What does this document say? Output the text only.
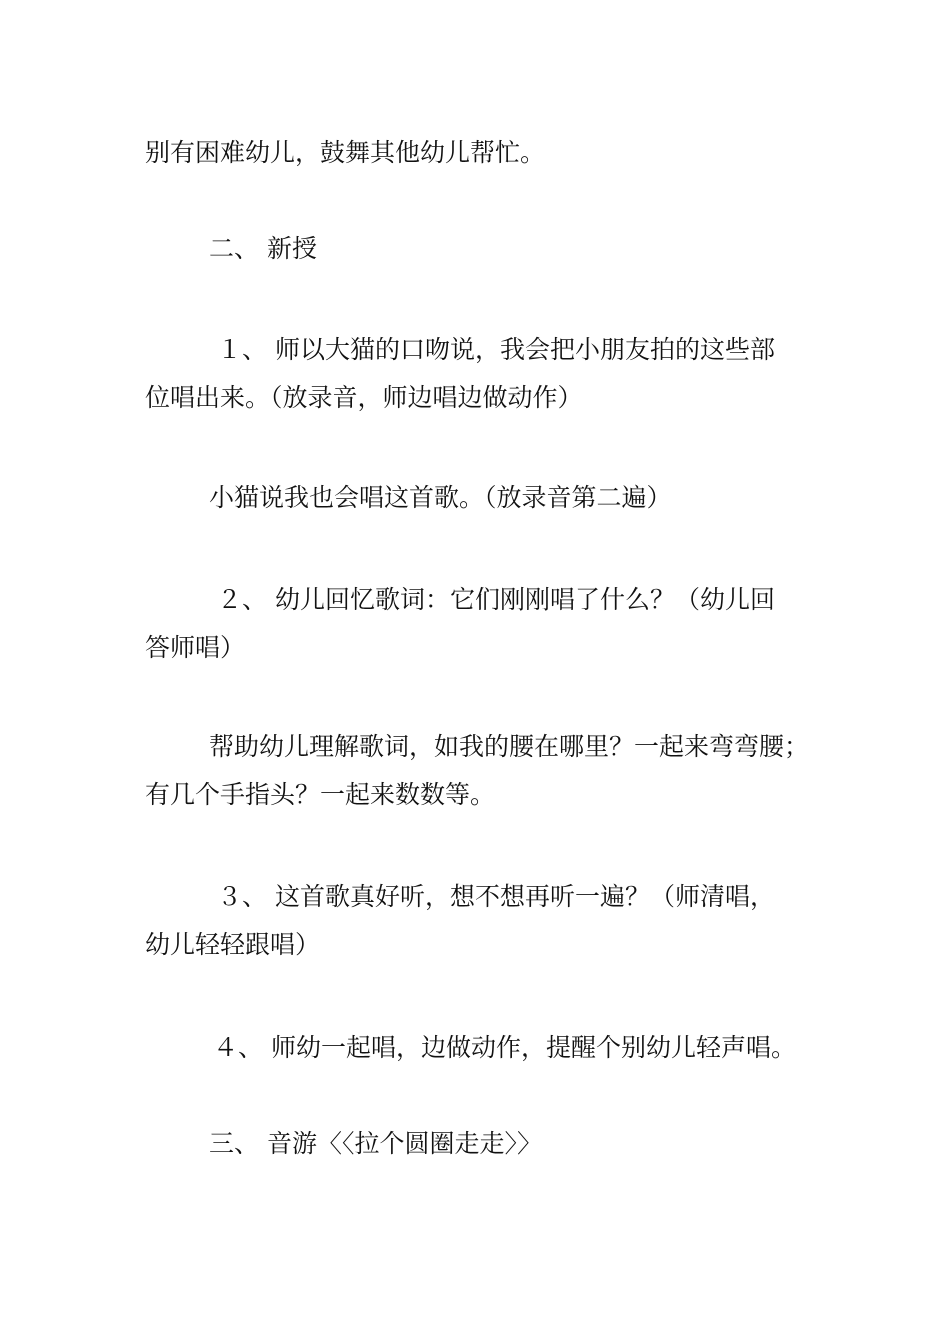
别有困难幼儿，鼓舞其他幼儿帮忙。

二、 新授

１、 师以大猫的口吻说，我会把小朋友拍的这些部
位唱出来。（放录音，师边唱边做动作）

小猫说我也会唱这首歌。（放录音第二遍）

２、 幼儿回忆歌词：它们刚刚唱了什么？（幼儿回
答师唱）

帮助幼儿理解歌词，如我的腰在哪里？一起来弯弯腰；
有几个手指头？一起来数数等。

３、 这首歌真好听，想不想再听一遍？（师清唱，
幼儿轻轻跟唱）

４、 师幼一起唱，边做动作，提醒个别幼儿轻声唱。

三、 音游〈〈拉个圆圈走走〉〉
